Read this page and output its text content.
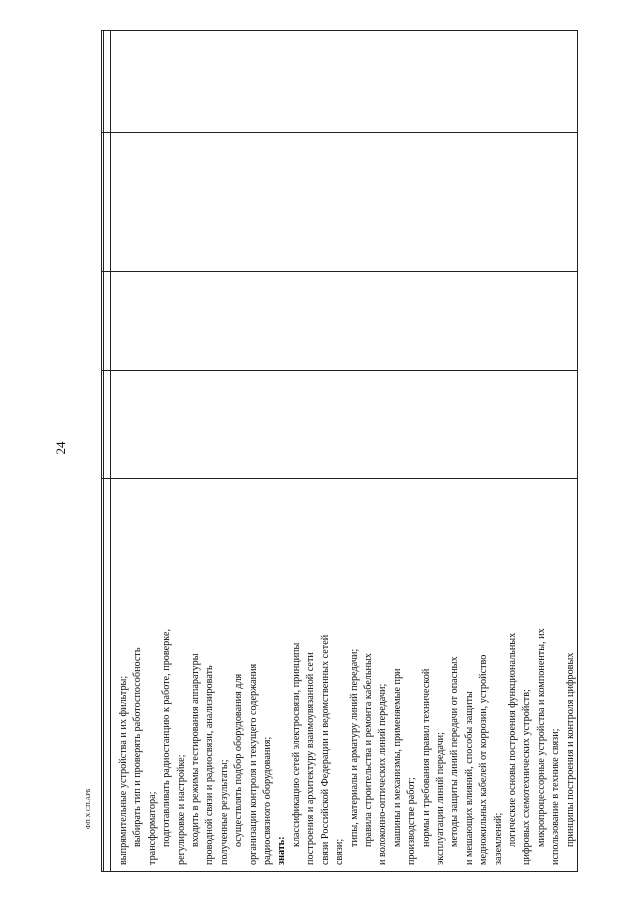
24
выпрямительные устройства и их фильтры; выбирать тип и проверять работоспособность трансформатора; подготавливать радиостанцию к работе, проверке, регулировке и настройке; входить в режимы тестирования аппаратуры проводной связи и радиосвязи, анализировать полученные результаты; осуществлять подбор оборудования для организации контроля и текущего содержания радиосвязного оборудования; знать:
классификацию сетей электросвязи, принципы построения и архитектуру взаимоувязанной сети связи Российской Федерации и ведомственных сетей связи;
типы, материалы и арматуру линий передачи; правила строительства и ремонта кабельных и волоконно-оптических линий передачи; машины и механизмы, применяемые при производстве работ; нормы и требования правил технической эксплуатации линий передачи; методы защиты линий передачи от опасных и мешающих влияний, способы защиты медножильных кабелей от коррозии, устройство заземлений; логические основы построения функциональных цифровых схемотехнических устройств; микропроцессорные устройства и компоненты, их использование в технике связи; принципы построения и контроля цифровых
ФП Х СП.АРБ
